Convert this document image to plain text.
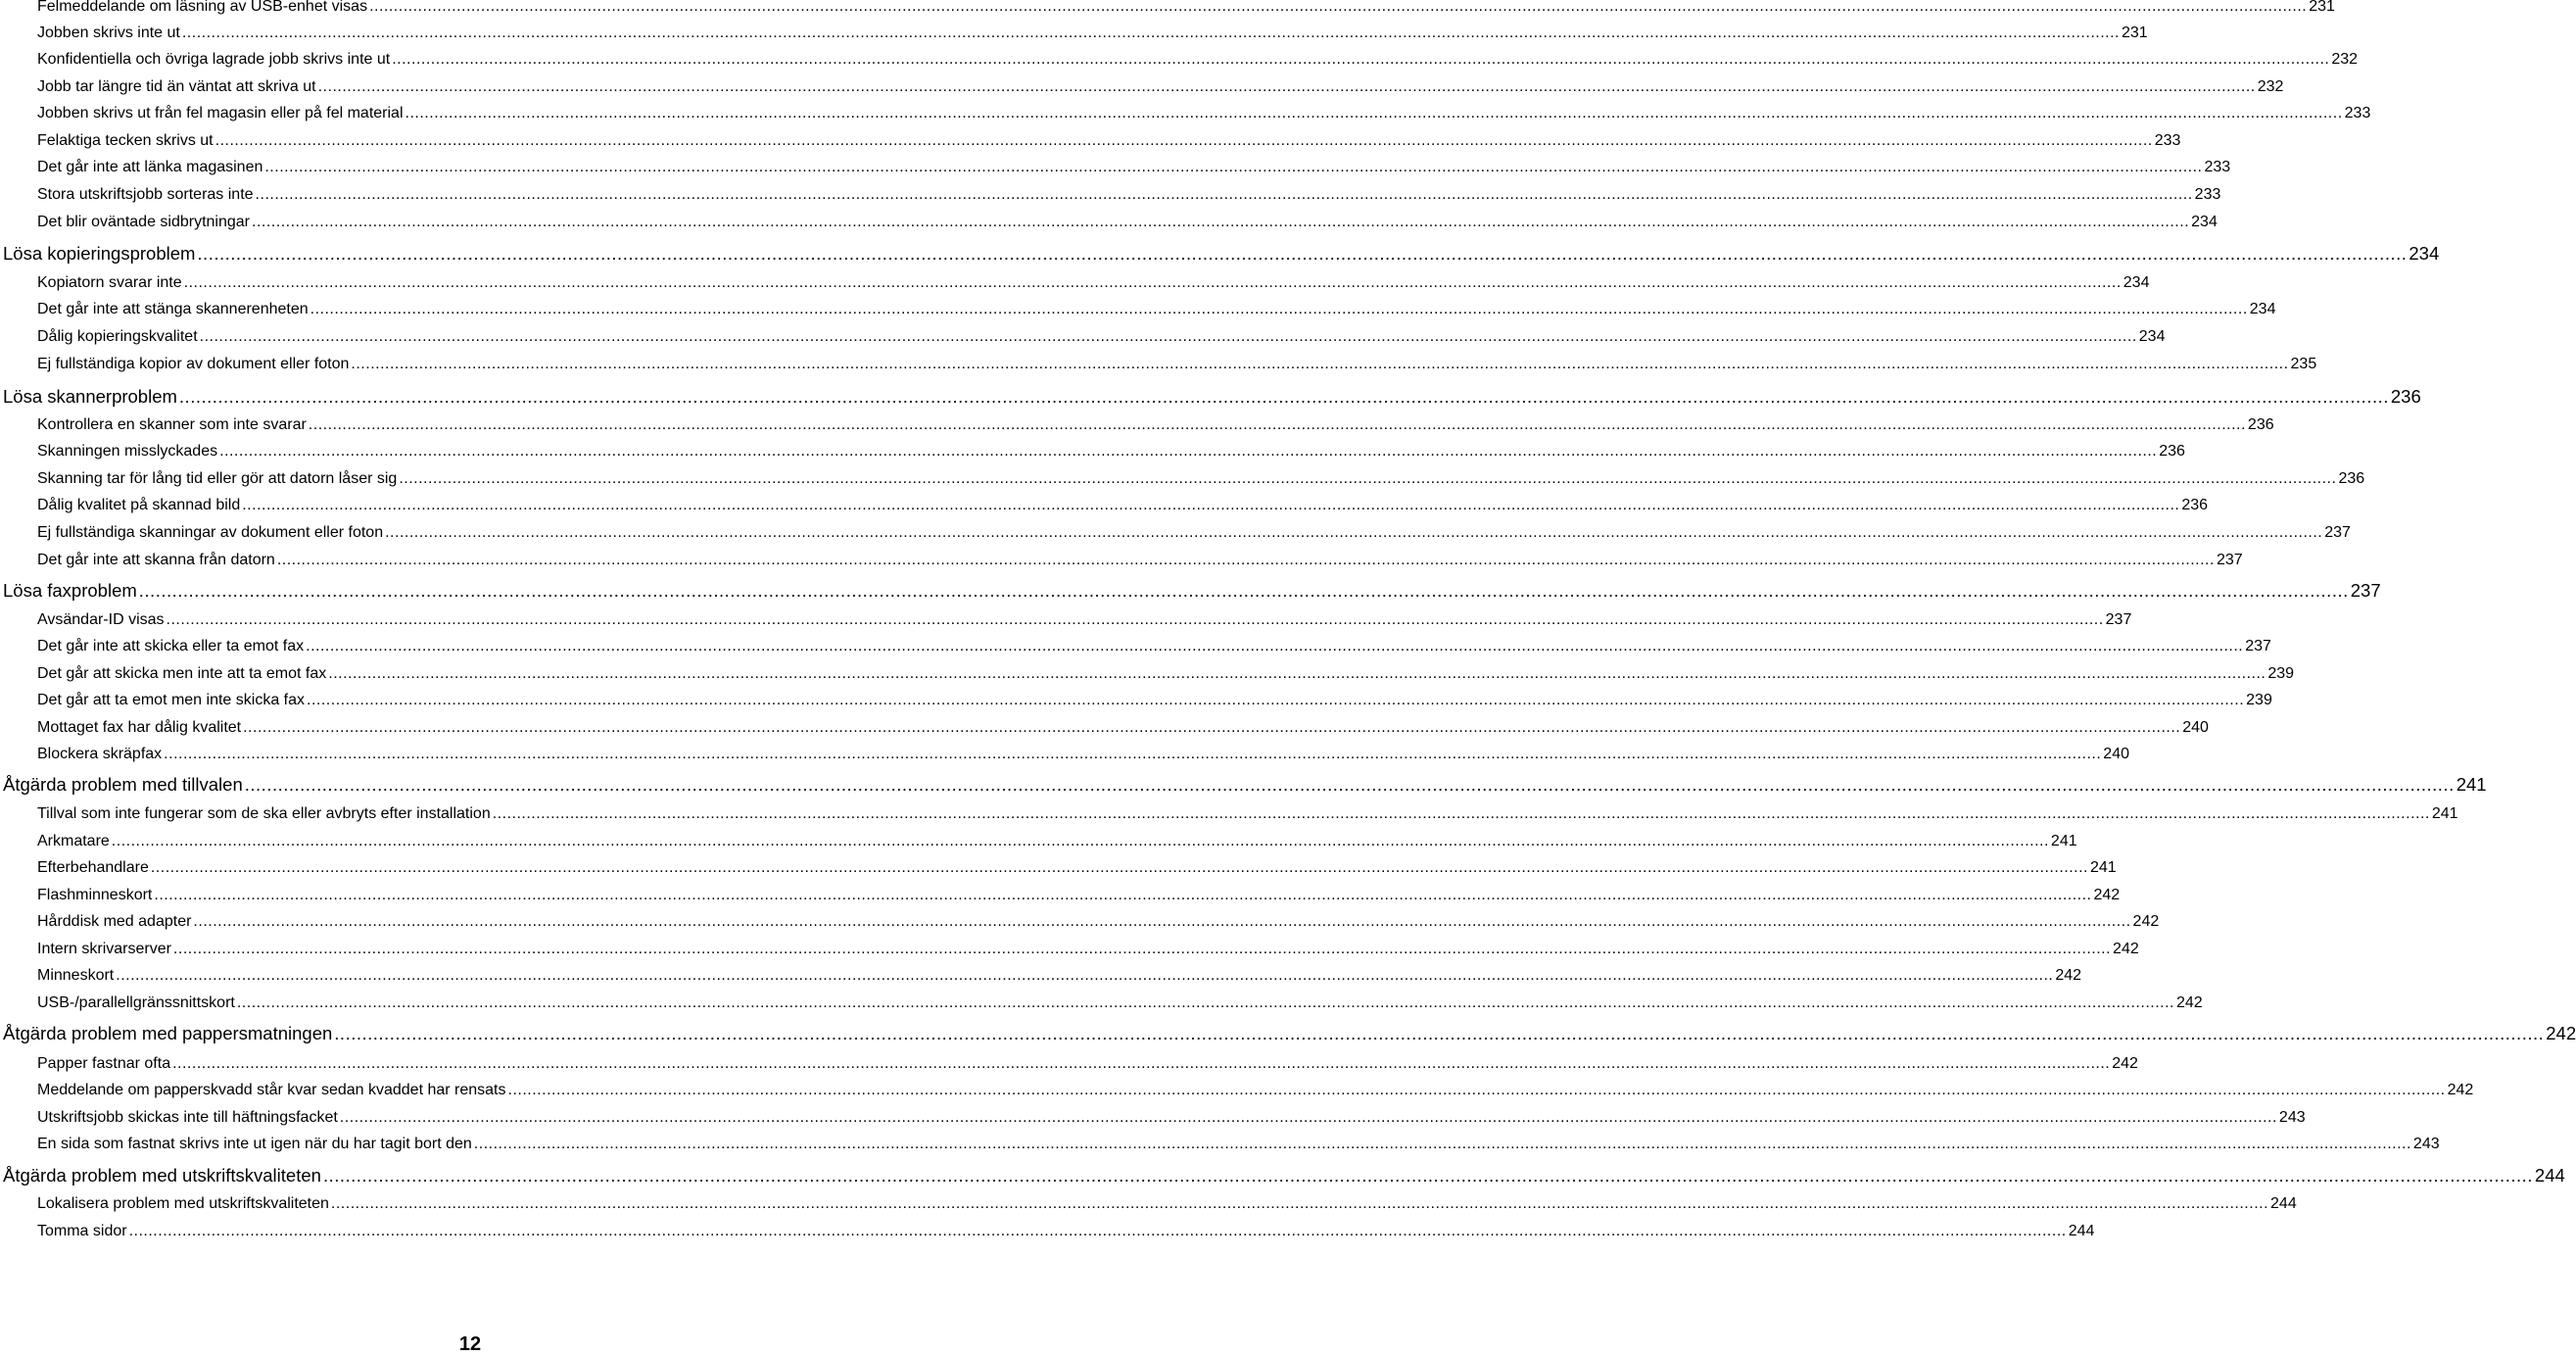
Felmeddelande om läsning av USB-enhet visas ................................................................................................................................................................................................................................................................................................................................................................................................................ 231
Jobben skrivs inte ut ................................................................................................................................................................................................................................................................................................................................................................................................................ 231
Konfidentiella och övriga lagrade jobb skrivs inte ut ................................................................................................................................................................................................................................................................................................................................................................................................................ 232
Jobb tar längre tid än väntat att skriva ut ................................................................................................................................................................................................................................................................................................................................................................................................................ 232
Jobben skrivs ut från fel magasin eller på fel material ................................................................................................................................................................................................................................................................................................................................................................................................................ 233
Felaktiga tecken skrivs ut ................................................................................................................................................................................................................................................................................................................................................................................................................ 233
Det går inte att länka magasinen ................................................................................................................................................................................................................................................................................................................................................................................................................ 233
Stora utskriftsjobb sorteras inte ................................................................................................................................................................................................................................................................................................................................................................................................................ 233
Det blir oväntade sidbrytningar ................................................................................................................................................................................................................................................................................................................................................................................................................ 234
Lösa kopieringsproblem ................................................................................................................................................................................................................................................................................................................................................................................................................ 234
Kopiatorn svarar inte ................................................................................................................................................................................................................................................................................................................................................................................................................ 234
Det går inte att stänga skannerenheten ................................................................................................................................................................................................................................................................................................................................................................................................................ 234
Dålig kopieringskvalitet ................................................................................................................................................................................................................................................................................................................................................................................................................ 234
Ej fullständiga kopior av dokument eller foton ................................................................................................................................................................................................................................................................................................................................................................................................................ 235
Lösa skannerproblem ................................................................................................................................................................................................................................................................................................................................................................................................................ 236
Kontrollera en skanner som inte svarar ................................................................................................................................................................................................................................................................................................................................................................................................................ 236
Skanningen misslyckades ................................................................................................................................................................................................................................................................................................................................................................................................................ 236
Skanning tar för lång tid eller gör att datorn låser sig ................................................................................................................................................................................................................................................................................................................................................................................................................ 236
Dålig kvalitet på skannad bild ................................................................................................................................................................................................................................................................................................................................................................................................................ 236
Ej fullständiga skanningar av dokument eller foton ................................................................................................................................................................................................................................................................................................................................................................................................................ 237
Det går inte att skanna från datorn ................................................................................................................................................................................................................................................................................................................................................................................................................ 237
Lösa faxproblem ................................................................................................................................................................................................................................................................................................................................................................................................................ 237
Avsändar-ID visas ................................................................................................................................................................................................................................................................................................................................................................................................................ 237
Det går inte att skicka eller ta emot fax ................................................................................................................................................................................................................................................................................................................................................................................................................ 237
Det går att skicka men inte att ta emot fax ................................................................................................................................................................................................................................................................................................................................................................................................................ 239
Det går att ta emot men inte skicka fax ................................................................................................................................................................................................................................................................................................................................................................................................................ 239
Mottaget fax har dålig kvalitet ................................................................................................................................................................................................................................................................................................................................................................................................................ 240
Blockera skräpfax ................................................................................................................................................................................................................................................................................................................................................................................................................ 240
Åtgärda problem med tillvalen ................................................................................................................................................................................................................................................................................................................................................................................................................ 241
Tillval som inte fungerar som de ska eller avbryts efter installation ................................................................................................................................................................................................................................................................................................................................................................................................................ 241
Arkmatare ................................................................................................................................................................................................................................................................................................................................................................................................................ 241
Efterbehandlare ................................................................................................................................................................................................................................................................................................................................................................................................................ 241
Flashminneskort ................................................................................................................................................................................................................................................................................................................................................................................................................ 242
Hårddisk med adapter ................................................................................................................................................................................................................................................................................................................................................................................................................ 242
Intern skrivarserver ................................................................................................................................................................................................................................................................................................................................................................................................................ 242
Minneskort ................................................................................................................................................................................................................................................................................................................................................................................................................ 242
USB-/parallellgränssnittskort ................................................................................................................................................................................................................................................................................................................................................................................................................ 242
Åtgärda problem med pappersmatningen ................................................................................................................................................................................................................................................................................................................................................................................................................ 242
Papper fastnar ofta ................................................................................................................................................................................................................................................................................................................................................................................................................ 242
Meddelande om papperskvadd står kvar sedan kvaddet har rensats ................................................................................................................................................................................................................................................................................................................................................................................................................ 242
Utskriftsjobb skickas inte till häftningsfacket ................................................................................................................................................................................................................................................................................................................................................................................................................ 243
En sida som fastnat skrivs inte ut igen när du har tagit bort den ................................................................................................................................................................................................................................................................................................................................................................................................................ 243
Åtgärda problem med utskriftskvaliteten ................................................................................................................................................................................................................................................................................................................................................................................................................ 244
Lokalisera problem med utskriftskvaliteten ................................................................................................................................................................................................................................................................................................................................................................................................................ 244
Tomma sidor ................................................................................................................................................................................................................................................................................................................................................................................................................ 244
12
